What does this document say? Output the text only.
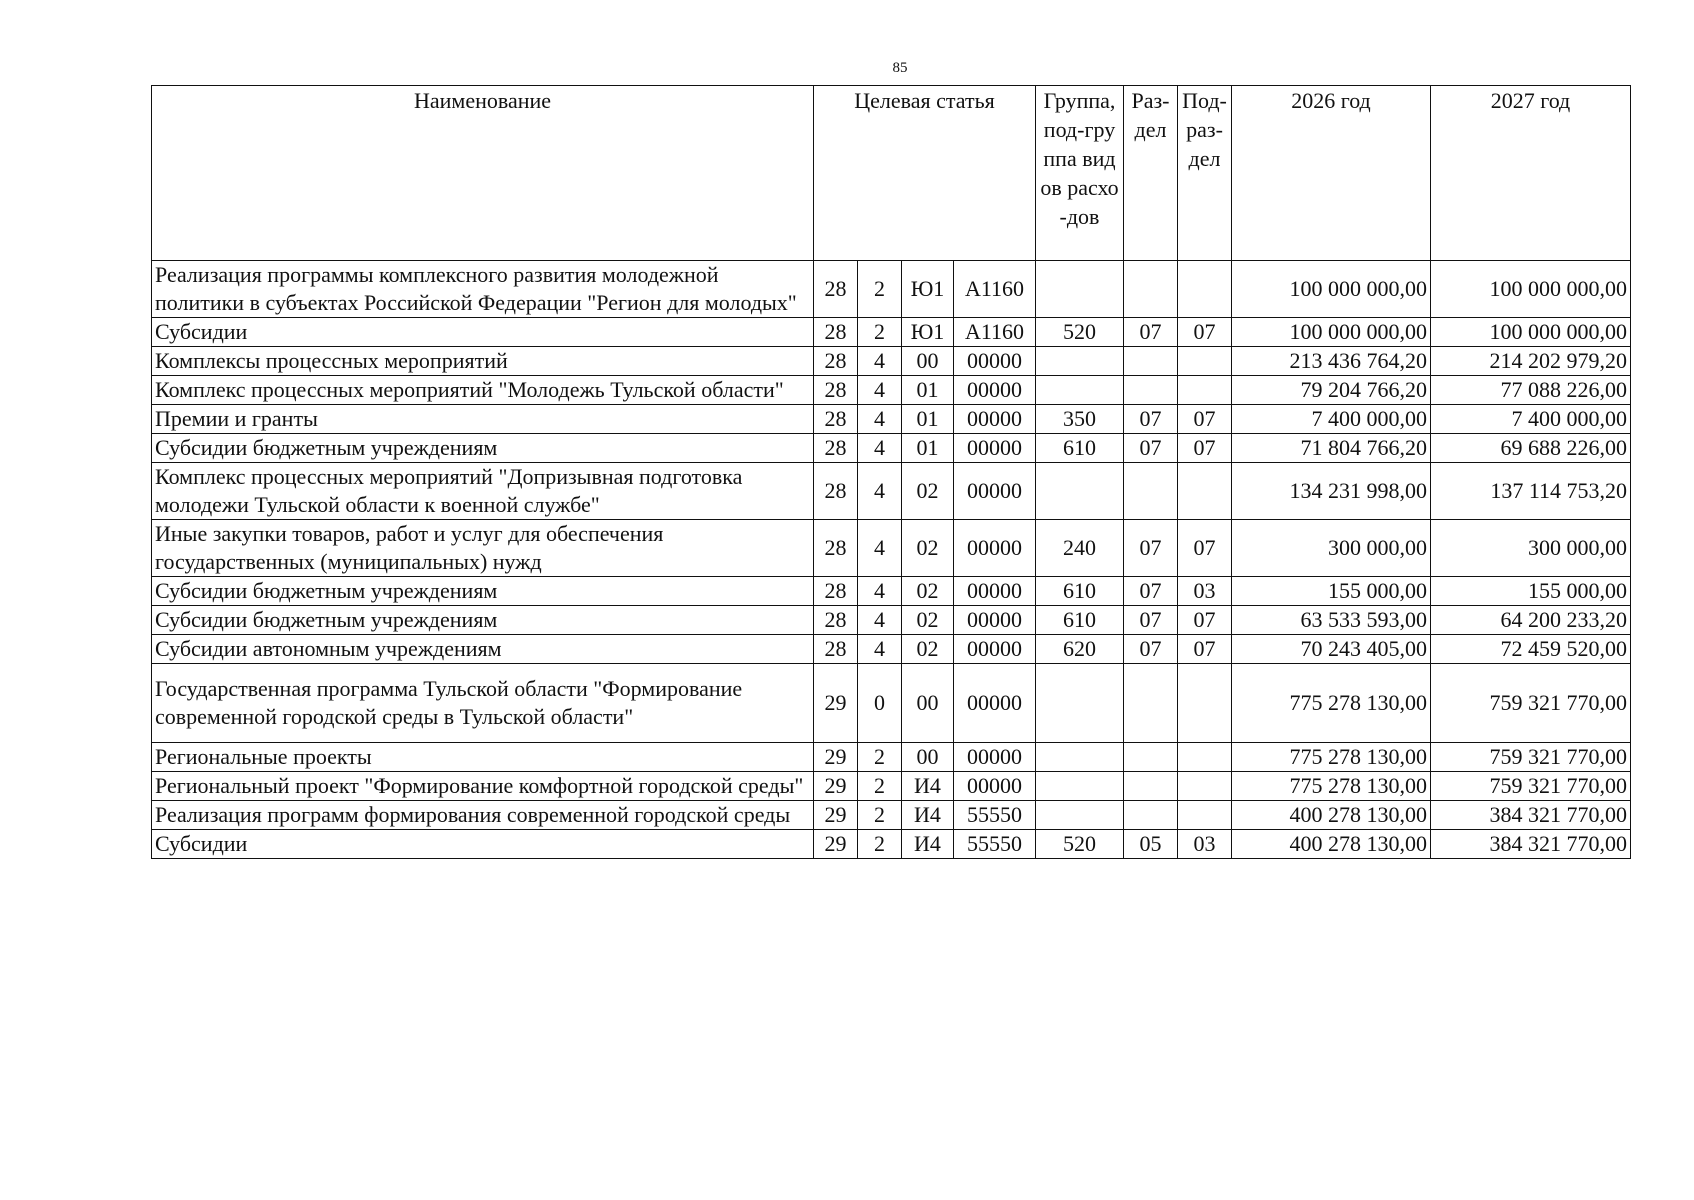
85
Наименование	Целевая статья				Группа, под-группа видов расхо-дов	Раз-дел	Под-раз-дел	2026 год	2027 год
Реализация программы комплексного развития молодежной политики в субъектах Российской Федерации "Регион для молодых"	28	2	Ю1	А1160				100 000 000,00	100 000 000,00
Субсидии	28	2	Ю1	А1160	520	07	07	100 000 000,00	100 000 000,00
Комплексы процессных мероприятий	28	4	00	00000				213 436 764,20	214 202 979,20
Комплекс процессных мероприятий "Молодежь Тульской области"	28	4	01	00000				79 204 766,20	77 088 226,00
Премии и гранты	28	4	01	00000	350	07	07	7 400 000,00	7 400 000,00
Субсидии бюджетным учреждениям	28	4	01	00000	610	07	07	71 804 766,20	69 688 226,00
Комплекс процессных мероприятий "Допризывная подготовка молодежи Тульской области к военной службе"	28	4	02	00000				134 231 998,00	137 114 753,20
Иные закупки товаров, работ и услуг для обеспечения государственных (муниципальных) нужд	28	4	02	00000	240	07	07	300 000,00	300 000,00
Субсидии бюджетным учреждениям	28	4	02	00000	610	07	03	155 000,00	155 000,00
Субсидии бюджетным учреждениям	28	4	02	00000	610	07	07	63 533 593,00	64 200 233,20
Субсидии автономным учреждениям	28	4	02	00000	620	07	07	70 243 405,00	72 459 520,00
Государственная программа Тульской области "Формирование современной городской среды в Тульской области"	29	0	00	00000				775 278 130,00	759 321 770,00
Региональные проекты	29	2	00	00000				775 278 130,00	759 321 770,00
Региональный проект "Формирование комфортной городской среды"	29	2	И4	00000				775 278 130,00	759 321 770,00
Реализация программ формирования современной городской среды	29	2	И4	55550				400 278 130,00	384 321 770,00
Субсидии	29	2	И4	55550	520	05	03	400 278 130,00	384 321 770,00
